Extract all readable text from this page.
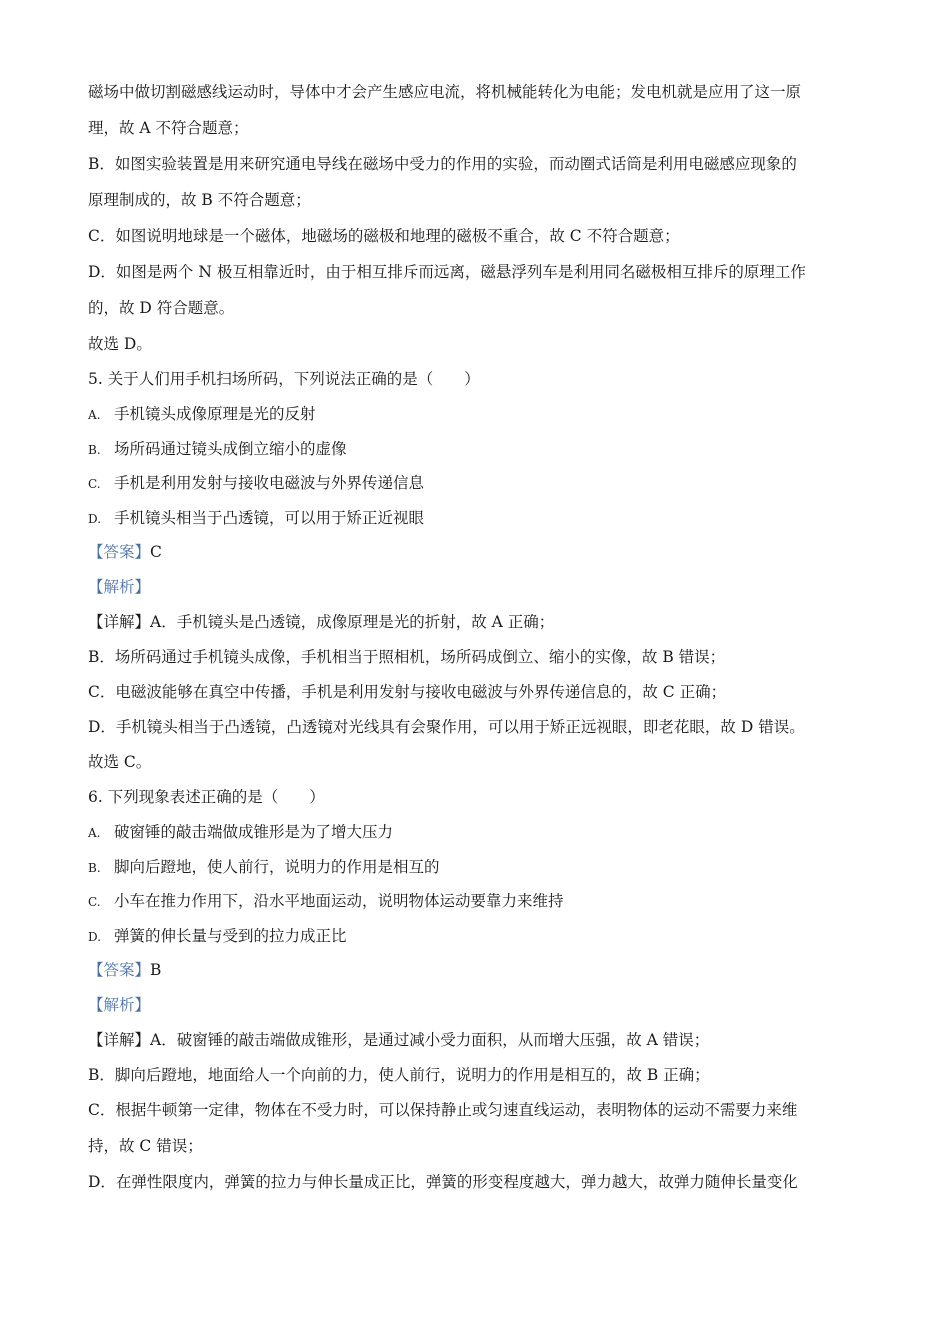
磁场中做切割磁感线运动时，导体中才会产生感应电流，将机械能转化为电能；发电机就是应用了这一原
理，故 A 不符合题意；
B．如图实验装置是用来研究通电导线在磁场中受力的作用的实验，而动圈式话筒是利用电磁感应现象的
原理制成的，故 B 不符合题意；
C．如图说明地球是一个磁体，地磁场的磁极和地理的磁极不重合，故 C 不符合题意；
D．如图是两个 N 极互相靠近时，由于相互排斥而远离，磁悬浮列车是利用同名磁极相互排斥的原理工作
的，故 D 符合题意。
故选 D。
5. 关于人们用手机扫场所码，下列说法正确的是（　　）
A. 手机镜头成像原理是光的反射
B. 场所码通过镜头成倒立缩小的虚像
C. 手机是利用发射与接收电磁波与外界传递信息
D. 手机镜头相当于凸透镜，可以用于矫正近视眼
【答案】C
【解析】
【详解】A．手机镜头是凸透镜，成像原理是光的折射，故 A 正确；
B．场所码通过手机镜头成像，手机相当于照相机，场所码成倒立、缩小的实像，故 B 错误；
C．电磁波能够在真空中传播，手机是利用发射与接收电磁波与外界传递信息的，故 C 正确；
D．手机镜头相当于凸透镜，凸透镜对光线具有会聚作用，可以用于矫正远视眼，即老花眼，故 D 错误。
故选 C。
6. 下列现象表述正确的是（　　）
A. 破窗锤的敲击端做成锥形是为了增大压力
B. 脚向后蹬地，使人前行，说明力的作用是相互的
C. 小车在推力作用下，沿水平地面运动，说明物体运动要靠力来维持
D. 弹簧的伸长量与受到的拉力成正比
【答案】B
【解析】
【详解】A．破窗锤的敲击端做成锥形，是通过减小受力面积，从而增大压强，故 A 错误；
B．脚向后蹬地，地面给人一个向前的力，使人前行，说明力的作用是相互的，故 B 正确；
C．根据牛顿第一定律，物体在不受力时，可以保持静止或匀速直线运动，表明物体的运动不需要力来维
持，故 C 错误；
D．在弹性限度内，弹簧的拉力与伸长量成正比，弹簧的形变程度越大，弹力越大，故弹力随伸长量变化
